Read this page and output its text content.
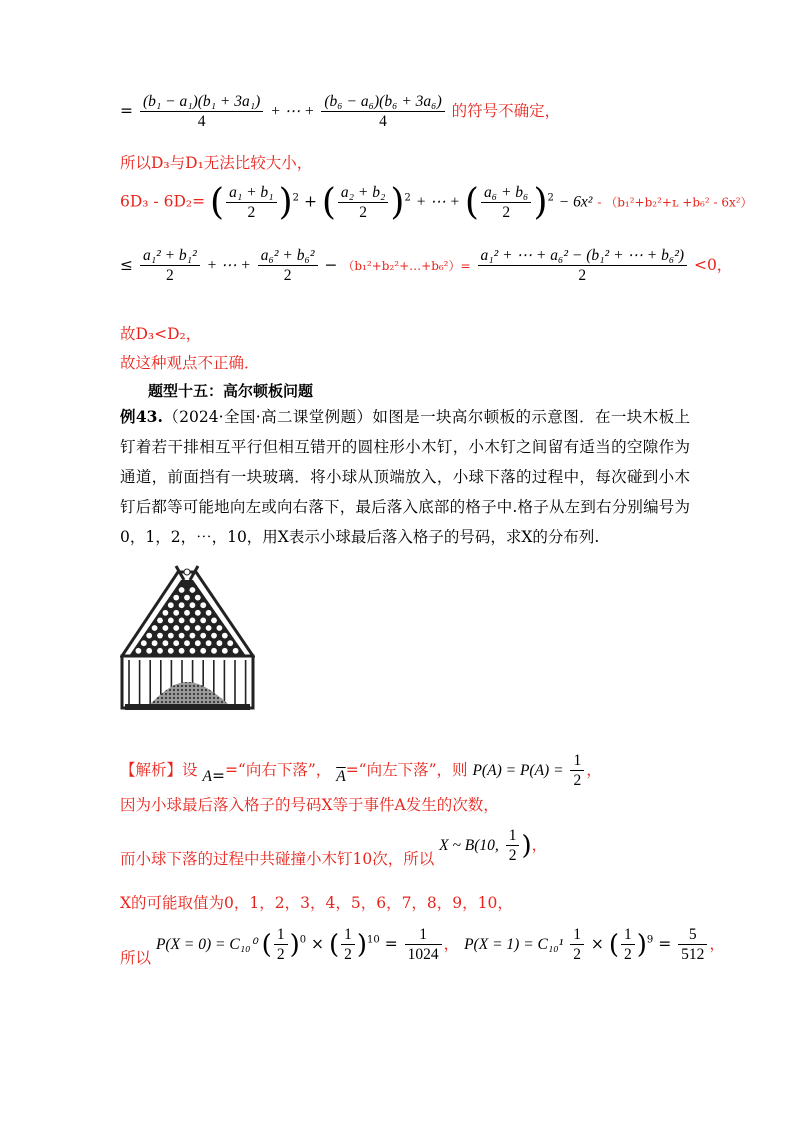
= $\frac{\text{(b₁ − a₁)(b₁ + 3a₁)}}{4}$ + ⋯ + $\frac{\text{(b₆ − a₆)(b₆ + 3a₆)}}{4}$ 的符号不确定，
所以D₃与D₁无法比较大小，
6D₃ - 6D₂= ( $\frac{\text{a₁ + b₁}}{2} )^2$ + ( $\frac{\text{a₂ + b₂}}{2} )^2$ + ⋯ + ( $\frac{\text{a₆ + b₆}}{2} )^2 - 6x^2$ - （b₁²+b₂²+ʟ +b₆² - 6x²）
≤ $\frac{\text{a₁² + b₁²}}{2}$ + ⋯ + $\frac{\text{a₆² + b₆²}}{2}$ − （b₁²+b₂²+…+b₆²）= $\frac{\text{a₁² + ⋯ + a₆² − (b₁² + ⋯ + b₆²)}}{2} <0$，
故D₃<D₂，
故这种观点不正确．
题型十五：高尔顿板问题
例43.（2024·全国·高二课堂例题）如图是一块高尔顿板的示意图．在一块木板上钉着若干排相互平行但相互错开的圆柱形小木钉，小木钉之间留有适当的空隙作为通道，前面挡有一块玻璃．将小球从顶端放入，小球下落的过程中，每次碰到小木钉后都等可能地向左或向右落下，最后落入底部的格子中.格子从左到右分别编号为0，1，2，⋯，10，用X表示小球最后落入格子的号码，求X的分布列.
【解析】设 A==“向右下落”， $\overline{A}=“$向左下落”，则 $P(A) = P(A) = \frac{1}{2}$ ，
因为小球最后落入格子的号码X等于事件A发生的次数，
而小球下落的过程中共碰撞小木钉10次，所以 X ~ B(10, $\frac{1}{2}$ )，
X的可能取值为0，1，2，3，4，5，6，7，8，9，10，
所以 P(X = 0) = C₁₀⁰ ( $\frac{1}{2} )^0$ × ( $\frac{1}{2} )^{10} = \frac{1}{1024}$ ， $P(X = 1) = C_{10}^1 \frac{1}{2}$ × ( $\frac{1}{2} )^9 = \frac{5}{512}$ ，
